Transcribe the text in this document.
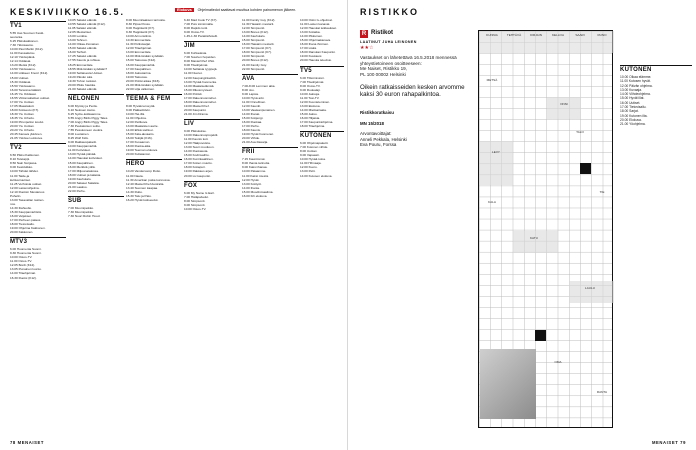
KESKIVIIKKO 16.5.	Elokuva	Ohjelmatiedot saattavat muuttua kohden painomenon jälkeen.
TV1
5.55 Uas Suomen Keski-
seuranta.
6.25 Pikkukakkonen.
7.30 Ykkösaamu.
10.00 Pasi Martin (K12).
11.00 Kassakutsu.
12.10 Ykköspäivä.
12.14 Oddasat.
13.20 Metsä (K12).
13.50 Ykkösaamu.
14.00 Liikkeen Kreml (K12).
15.00 Uutiset.
15.30 Oddasat.
15.50 Ykkösaamu.
16.00 Tanssiva lääkäri.
16.45 Yle Oddasat.
16.55 Viittomakieliset uutiset.
17.00 Yle Uutiset.
17.05 Maastakoti.
18.00 Kotiseutu (K7).
18.30 Yle Uutiset.
18.35 Yle Urheilu.
19.00 Pirunpellon koulut.
20.00 Yle Uutiset.
20.20 Yle Urheilu.
20.45 Kanava ykkönen.
21.05 Ykkösen elokuva.
TV2
6.50 Pikku Kakkonen.
8.10 Teletappi.
8.50 Nain Norjassa.
9.00 Keskiviikko.
10.00 Tähdet tähdet.
11.00 Taide-ja
kulttuuriuutiset.
11.25 Verhoista uutiset.
12.00 Lastenohjelma.
12.10 Ruotsin Mestaruus
Puhelin.
13.00 Tasavallan rastien-
nos.
14.30 Iltahuolto.
15.30 Kauppamiehistä.
16.00 Veljekset.
17.00 Perheen palaus.
18.00 Tietovisailu.
19.00 Ohjelma Kakkonen.
20.00 Kakkonen.
MTV3
6.00 Huomenta Suomi.
9.30 Huomenta Suomi.
10.00 Ostos-TV.
11.00 Ostos-TV.
12.05 Bordi (K12).
13.05 Punainen luonto.
14.00 Tilaohjelmat.
16.30 Ruotsi (K12).
10.05 Salatut elämät.
10.55 Salatut elämät (K12).
11.05 Salatut elämät.
12.05 Mestariset.
13.00 Lonkka.
13.00 Tehnen.
14.00 Olkaa-Irtonaiset.
15.00 Salatut elämät.
16.00 Tarhuri.
17.25 Salatut elämät.
17.55 Kaunis ja rohkea.
18.25 Emmerdale.
18.55 Mitä tänään syödään?
19.00 Sellaisesta Uutiset.
19.20 Päivän sää.
19.30 Tuhon tuoksut.
20.00 Pikku haukka.
21.00 Salatut elämät.
NELONEN
6.00 Myrsky ja Perde.
6.10 Nelosen Aamu.
6.25 Syöte-kokkaamme.
6.55 Angry Birds Piggy Tales.
7.00 Angry Birds Piggy Tales.
7.30 Peukaloisen soitto.
7.55 Pesukoneen vuokra.
8.00 Luotainen.
8.25 Wolf Kids.
9.00 Rakkauspaketti.
10.00 Kauppamiehiä.
11.00 Kotivideot.
13.00 Hyvää päivää.
14.00 Hauskat kotivideot.
15.00 Kaupallinen.
16.00 Merkkiä yöllä.
17.00 Miljoonatalossa.
18.00 Uutiset ja kalasta.
19.00 Kauhutalo.
20.00 Salaset Salaisia.
21.00 Laakso.
22.00 Perhe.
SUB
7.00 Muumipeikko.
7.30 Muumipeikko.
7.30 Nuori Robin Hood.
8.00 Muumilaakson tarinoita.
8.30 Pipsa Possu.
9.00 Happikeitti (K7).
9.30 Happikeitti (K7).
10.00 Armonsilmä.
10.30 Emmerdale.
11.30 Poliisisarjat.
12.00 Tilaohjelmat.
13.00 Emmerdale.
14.00 Mitä tänään syödään.
15.00 Taloussa (K12).
16.00 Kauppamiehiä.
17.00 Kaupallinen.
18.00 Jaksotarina.
19.00 Taloussa.
20.00 Poliisi aikaa (K16).
21.00 Mitä tänään syödään.
22.00 Lilja valkoinen.
TEEMA & FEM
8.00 Hyvää terveyttä.
9.00 Pääkeittiöön.
10.00 Hei-illä.
11.00 Ohjelma.
12.00 Peilikuva.
13.00 Maalaisten aarre.
14.00 Ehkä siellä ei.
15.00 Kala-akvaario.
16.00 Tekijät (K16).
17.00 Kuvaamon.
18.00 Ruoka-aika.
19.00 Teeman elokuva.
20.00 Kultatanssi.
HERO
10.20 Vandersomp Rutto.
11.00 Nauta.
11.30 Amerikan poika kunnossa.
12.40 MasterChef Australia.
13.40 Suomen kaapaa.
14.30 Rutto.
15.30 Tatu ja Patu.
16.20 Hyvät kotiseudut.
6.40 Mad Cook TV (K7).
7.00 Pois toiminnalla.
8.00 Rapids tunti.
9.00 Ostos-TV.
1.45-1.30 Paratiisihotelli.
JIM
6.00 Kohtauksia.
7.00 Suurten hopeiden.
8.00 MasterChef USA.
9.00 Tilaohjelmat.
10.00 Sellaisia tyyppejä.
11.00 Nuoret.
12.00 Kaupunginkeittiö.
13.00 Hyvää huomenta.
14.00 Maalaiselämää.
15.00 Rikosmysteeri.
16.00 Poliisit.
17.00 Rakennusmiehet.
18.00 Rakennusmiehet.
19.00 MasterChef.
20.00 Kaupunki.
21.00 Jim Drama.
LIV
9.00 Pikkutukse.
10.00 Rakennusprojektit.
11.00 Kaunis koti.
12.00 Hääpuvuista.
13.00 Suuri muuttoon.
14.00 Ruokasota.
15.00 Kodinvaihto.
16.00 Kuninkaallinen.
17.00 Kotien muutto.
18.00 Kotiapuri.
19.00 Rakkaus arjen.
20.00 Liv kaupunki.
FOX
6.00 My Name Is Earl.
7.00 Hätäpalvelut.
8.00 Simpsonit.
9.00 Simpsonit.
10.00 Ostos-TV.
11.00 Family Guy (K12).
11.30 Hawaiin mestarit.
12.00 Simpsonit.
13.00 Bones (K12).
14.00 Kauhutalo.
15.00 Simpsonit.
16.00 Hawaiin mestarit.
17.00 Simpsonit (K7).
18.00 Simpsonit (K7).
19.00 Simpsonit.
20.00 Bones (K12).
21.00 Family Guy.
22.00 Simpsonit.
AVA
7.00-8.00 Lemmen aika.
8.00 Joo.
9.00 Lapsia.
10.00 Hyvä arki.
11.00 Onnellinen.
12.00 Kauniit.
13.00 Vaaleanpunainen.
14.00 Ihanat.
15.00 Kotijengi.
16.00 Ruokaa.
17.00 Perhe.
18.00 Kaunis.
19.00 Hyvät huomenet.
20.00 Viihde.
21.00 Ava iltasarja.
FRII
7.15 Kaunimmat.
8.00 Ihania tarinoita.
9.00 Kaksi ihanaa.
10.00 Palaamme.
11.00 Kaksi miestä.
12.00 Hyvät.
13.00 Kotityöt.
14.00 Ihania.
15.00 Muodinmaailma.
16.00 Frii elokuva.
10.00 Ostin tv-ohjelmat.
11.00 Lasten kanavat.
12.00 Hauskat leikkaukset.
13.00 Kotiaika.
14.00 Pikkuinen.
15.00 Ohjelmakanava.
16.00 Ihana ihminen.
17.00 Lisää.
18.00 Ranskan Kaupunki.
19.00 Kuukausi.
20.00 Hauska televisio.
TV5
6.00 Tilitoimistoni.
7.00 Tilaohjelmat.
8.00 Ostos-TV.
9.00 Ruokalaji.
10.00 Jaksoja.
11.00 Tosi-TV.
12.00 Kuunteleminen.
13.00 Elokuva.
14.00 Mielisairaala.
15.00 Jakso.
16.00 Hiljaisia.
17.00 Kaupunkiohjelma.
18.00 Tilaohjelma.
KUTONEN
6.00 Ohjelmapaketti.
7.00 Kutonen viihde.
8.00 Uutiset.
9.00 Vapaasti.
10.00 Hyvää tuloa.
11.00 Hihnaaja.
12.00 Kuoro.
13.00 Pelit.
14.00 Kutosen elokuva.
78 MENAISET
RISTIKKO
R Ristikot
LAATINUT JUHA LEINONEN
★★☆
Vastaukset on lähetettävä 16.5.2018 mennessä yhteystietoineen osoitteeseen:
Me Naiset, Ristikko 19,
PL 100 00002 Helsinki
Oikein ratkaisseiden kesken arvomme kaksi 30 euron rahapalkintoa.

Ristikkoratkaisu

MN 15/2018

Arvontavoittajat:
Anneli Pekkala, Helsinki
Eva Pouru, Forssa

KUNNIA	TEHTÄVÄ	KIRJAIN	KELLOA	SAARI	RUNO
LEVY
ONNI
KATU
LAULU
METSÄ
TIE
KALA
OMA
RANTA
TALO
KUTONEN
10.00 Olkaa elämme.
11.00 Kutosen hyvät.
12.00 Päivän ohjelma.
13.00 Kuvaaja.
14.00 Viihdeohjelma.
15.00 Hyvät illat.
16.00 Uutiset.
17.00 Tietovisailu.
18.00 Sarjat.
19.00 Kutonen ilta.
20.00 Elokuva.
21.00 Yöohjelma.
MENAISET 79
